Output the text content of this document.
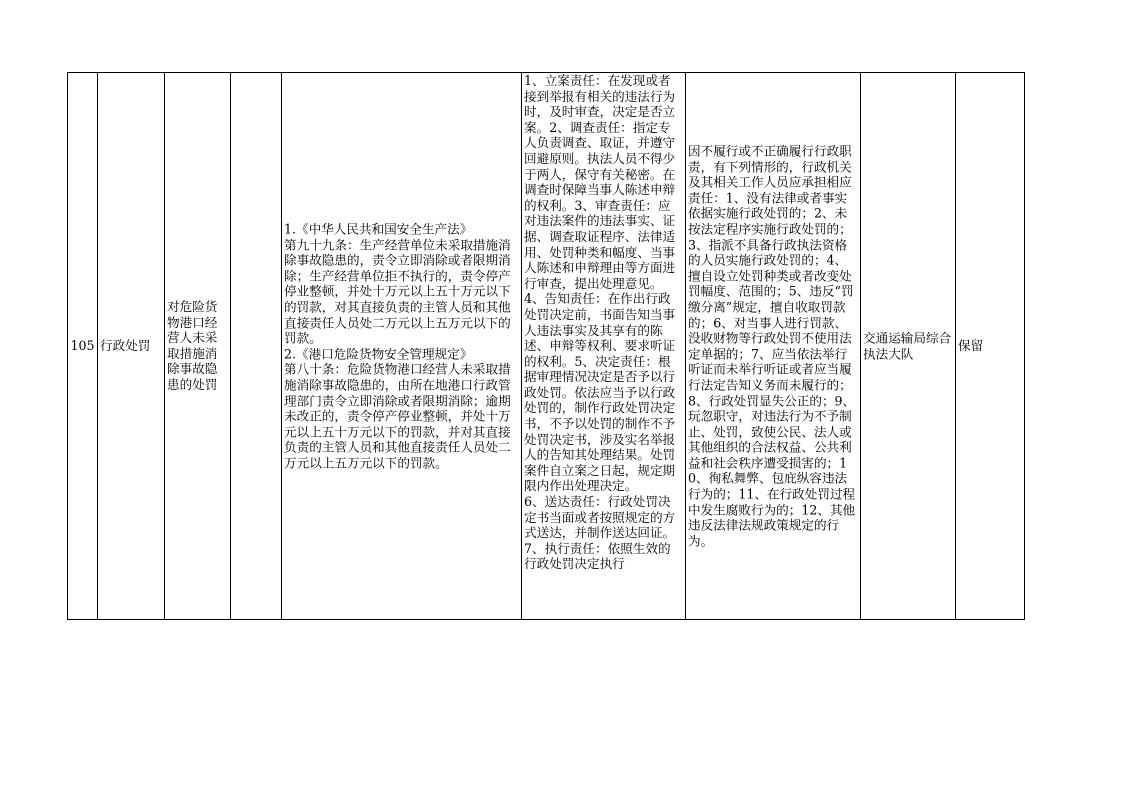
105 行政处罚
对危险货物港口经营人未采取措施消除事故隐患的处罚
1.《中华人民共和国安全生产法》
第九十九条：生产经营单位未采取措施消除事故隐患的，责令立即消除或者限期消除；生产经营单位拒不执行的，责令停产停业整顿，并处十万元以上五十万元以下的罚款，对其直接负责的主管人员和其他直接责任人员处二万元以上五万元以下的罚款。
2.《港口危险货物安全管理规定》
第八十条：危险货物港口经营人未采取措施消除事故隐患的，由所在地港口行政管理部门责令立即消除或者限期消除；逾期未改正的，责令停产停业整顿，并处十万元以上五十万元以下的罚款，并对其直接负责的主管人员和其他直接责任人员处二万元以上五万元以下的罚款。
1、立案责任：在发现或者接到举报有相关的违法行为时，及时审查，决定是否立案。2、调查责任：指定专人负责调查、取证，并遵守回避原则。执法人员不得少于两人，保守有关秘密。在调查时保障当事人陈述申辩的权利。3、审查责任：应对违法案件的违法事实、证据、调查取证程序、法律适用、处罚种类和幅度、当事人陈述和申辩理由等方面进行审查，提出处理意见。4、告知责任：在作出行政处罚决定前，书面告知当事人违法事实及其享有的陈述、申辩等权利、要求听证的权利。5、决定责任：根据审理情况决定是否予以行政处罚。依法应当予以行政处罚的，制作行政处罚决定书，不予以处罚的制作不予处罚决定书，涉及实名举报人的告知其处理结果。处罚案件自立案之日起，规定期限内作出处理决定。
6、送达责任：行政处罚决定书当面或者按照规定的方式送达，并制作送达回证。7、执行责任：依照生效的行政处罚决定执行
因不履行或不正确履行行政职责，有下列情形的，行政机关及其相关工作人员应承担相应责任：1、没有法律或者事实依据实施行政处罚的；2、未按法定程序实施行政处罚的；3、指派不具备行政执法资格的人员实施行政处罚的；4、擅自设立处罚种类或者改变处罚幅度、范围的；5、违反“罚缴分离”规定，擅自收取罚款的；6、对当事人进行罚款、没收财物等行政处罚不使用法定单据的；7、应当依法举行听证而未举行听证或者应当履行法定告知义务而未履行的；8、行政处罚显失公正的；9、玩忽职守，对违法行为不予制止、处罚，致使公民、法人或其他组织的合法权益、公共利益和社会秩序遭受损害的；10、徇私舞弊、包庇纵容违法行为的；11、在行政处罚过程中发生腐败行为的；12、其他违反法律法规政策规定的行为。
交通运输局综合执法大队
保留
